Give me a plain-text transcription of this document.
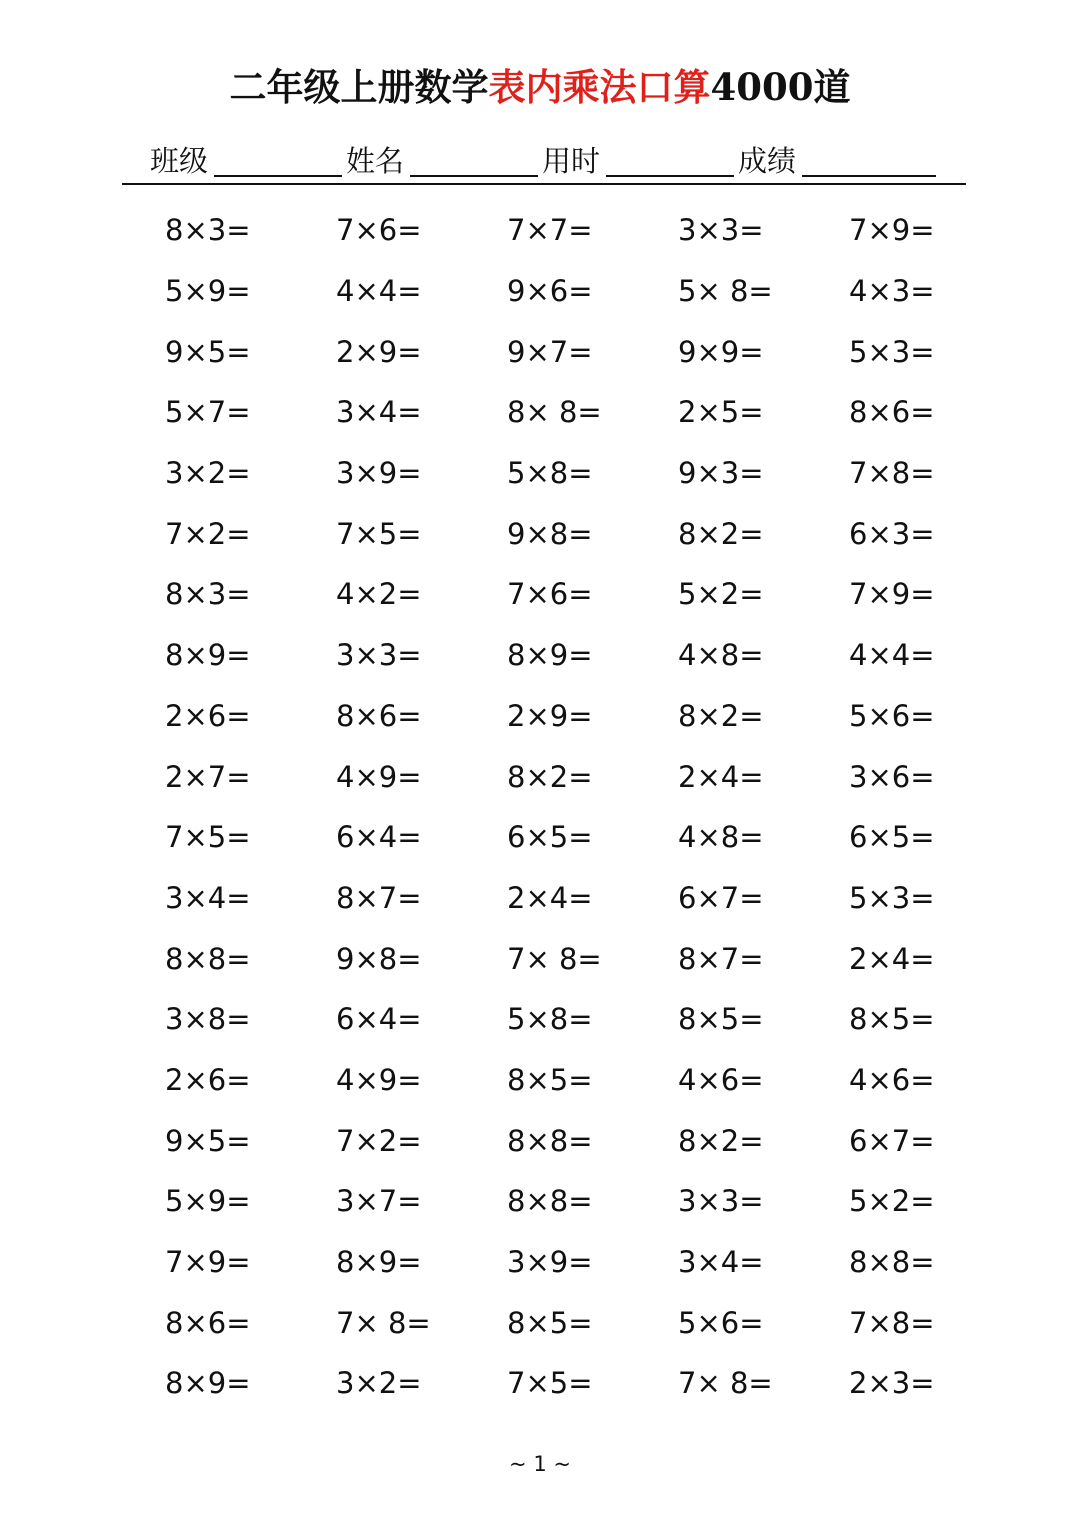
二年级上册数学表内乘法口算4000道
班级	姓名	用时	成绩
8×3=	7×6=	7×7=	3×3=	7×9=
5×9=	4×4=	9×6=	5× 8=	4×3=
9×5=	2×9=	9×7=	9×9=	5×3=
5×7=	3×4=	8× 8=	2×5=	8×6=
3×2=	3×9=	5×8=	9×3=	7×8=
7×2=	7×5=	9×8=	8×2=	6×3=
8×3=	4×2=	7×6=	5×2=	7×9=
8×9=	3×3=	8×9=	4×8=	4×4=
2×6=	8×6=	2×9=	8×2=	5×6=
2×7=	4×9=	8×2=	2×4=	3×6=
7×5=	6×4=	6×5=	4×8=	6×5=
3×4=	8×7=	2×4=	6×7=	5×3=
8×8=	9×8=	7× 8=	8×7=	2×4=
3×8=	6×4=	5×8=	8×5=	8×5=
2×6=	4×9=	8×5=	4×6=	4×6=
9×5=	7×2=	8×8=	8×2=	6×7=
5×9=	3×7=	8×8=	3×3=	5×2=
7×9=	8×9=	3×9=	3×4=	8×8=
8×6=	7× 8=	8×5=	5×6=	7×8=
8×9=	3×2=	7×5=	7× 8=	2×3=
~ 1 ~
